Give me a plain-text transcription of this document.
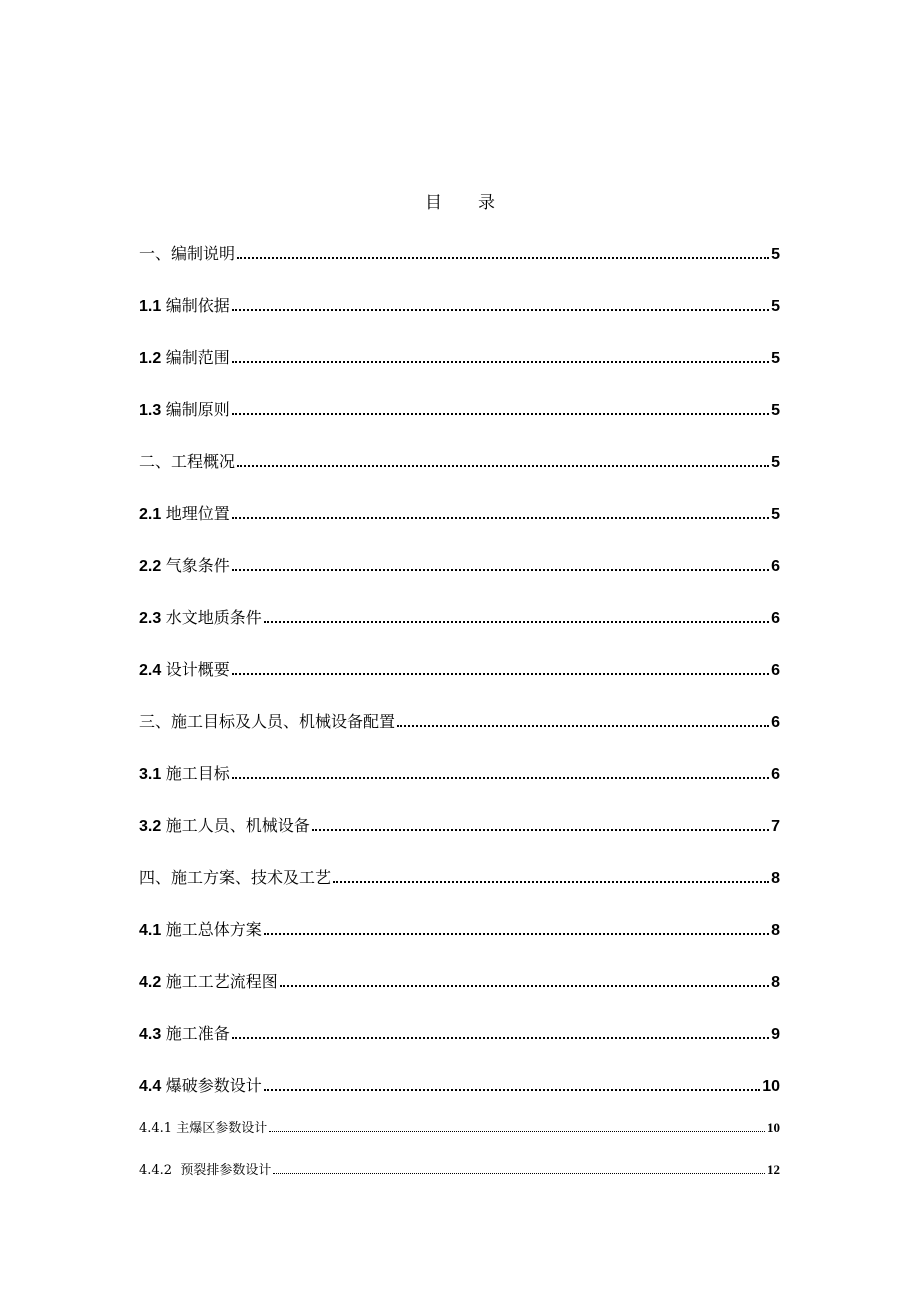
目 录
一、编制说明	5
1.1 编制依据	5
1.2 编制范围	5
1.3 编制原则	5
二、工程概况	5
2.1 地理位置	5
2.2 气象条件	6
2.3 水文地质条件	6
2.4 设计概要	6
三、施工目标及人员、机械设备配置	6
3.1 施工目标	6
3.2 施工人员、机械设备	7
四、施工方案、技术及工艺	8
4.1 施工总体方案	8
4.2 施工工艺流程图	8
4.3 施工准备	9
4.4 爆破参数设计	10
4.4.1 主爆区参数设计	10
4.4.2  预裂排参数设计	12
